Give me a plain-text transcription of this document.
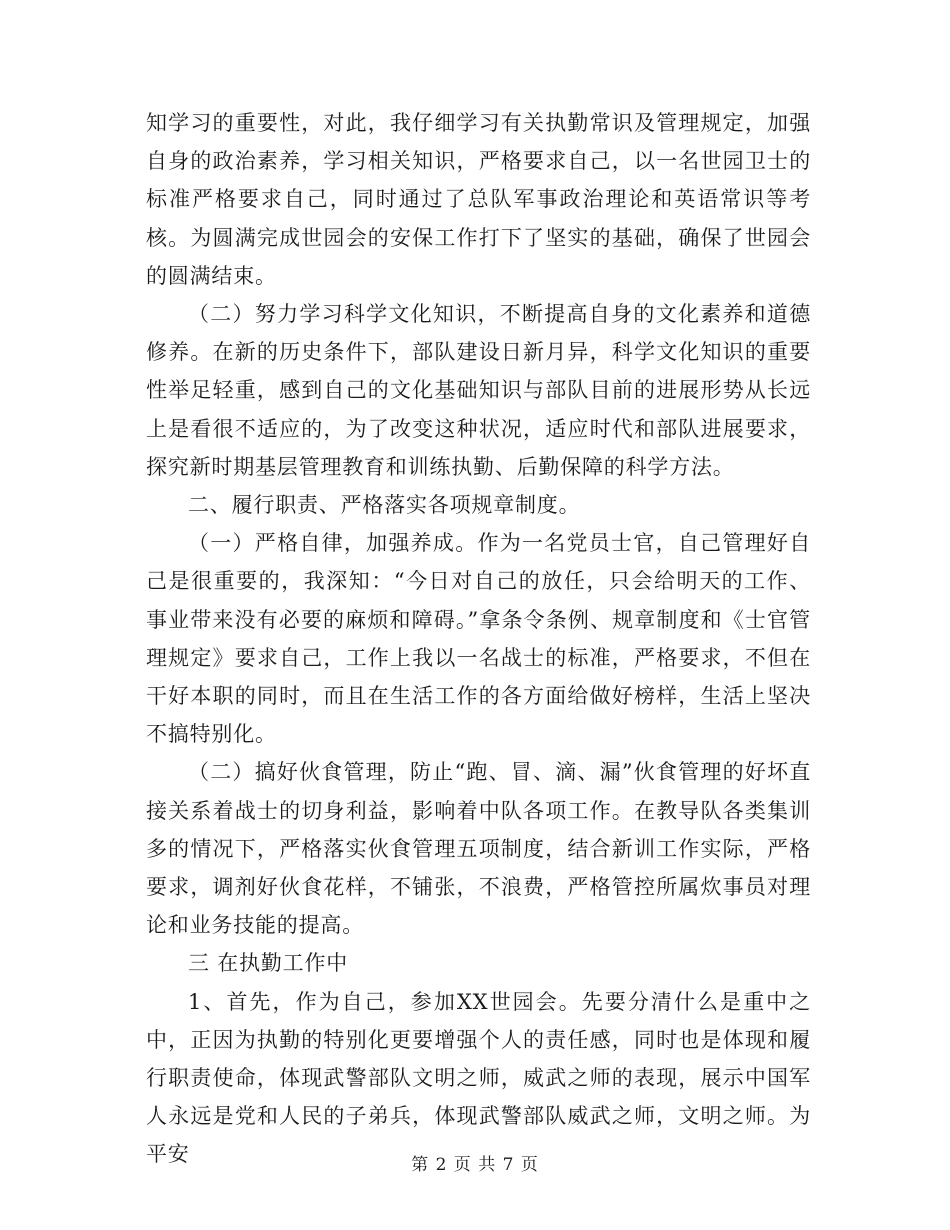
知学习的重要性，对此，我仔细学习有关执勤常识及管理规定，加强自身的政治素养，学习相关知识，严格要求自己，以一名世园卫士的标准严格要求自己，同时通过了总队军事政治理论和英语常识等考核。为圆满完成世园会的安保工作打下了坚实的基础，确保了世园会的圆满结束。

（二）努力学习科学文化知识，不断提高自身的文化素养和道德修养。在新的历史条件下，部队建设日新月异，科学文化知识的重要性举足轻重，感到自己的文化基础知识与部队目前的进展形势从长远上是看很不适应的，为了改变这种状况，适应时代和部队进展要求，探究新时期基层管理教育和训练执勤、后勤保障的科学方法。

二、履行职责、严格落实各项规章制度。

（一）严格自律，加强养成。作为一名党员士官，自己管理好自己是很重要的，我深知：“今日对自己的放任，只会给明天的工作、事业带来没有必要的麻烦和障碍。”拿条令条例、规章制度和《士官管理规定》要求自己，工作上我以一名战士的标准，严格要求，不但在干好本职的同时，而且在生活工作的各方面给做好榜样，生活上坚决不搞特别化。

（二）搞好伙食管理，防止“跑、冒、滴、漏”伙食管理的好坏直接关系着战士的切身利益，影响着中队各项工作。在教导队各类集训多的情况下，严格落实伙食管理五项制度，结合新训工作实际，严格要求，调剂好伙食花样，不铺张，不浪费，严格管控所属炊事员对理论和业务技能的提高。

三 在执勤工作中

1、首先，作为自己，参加XX世园会。先要分清什么是重中之中，正因为执勤的特别化更要增强个人的责任感，同时也是体现和履行职责使命，体现武警部队文明之师，威武之师的表现，展示中国军人永远是党和人民的子弟兵，体现武警部队威武之师，文明之师。为平安	第 2 页 共 7 页
